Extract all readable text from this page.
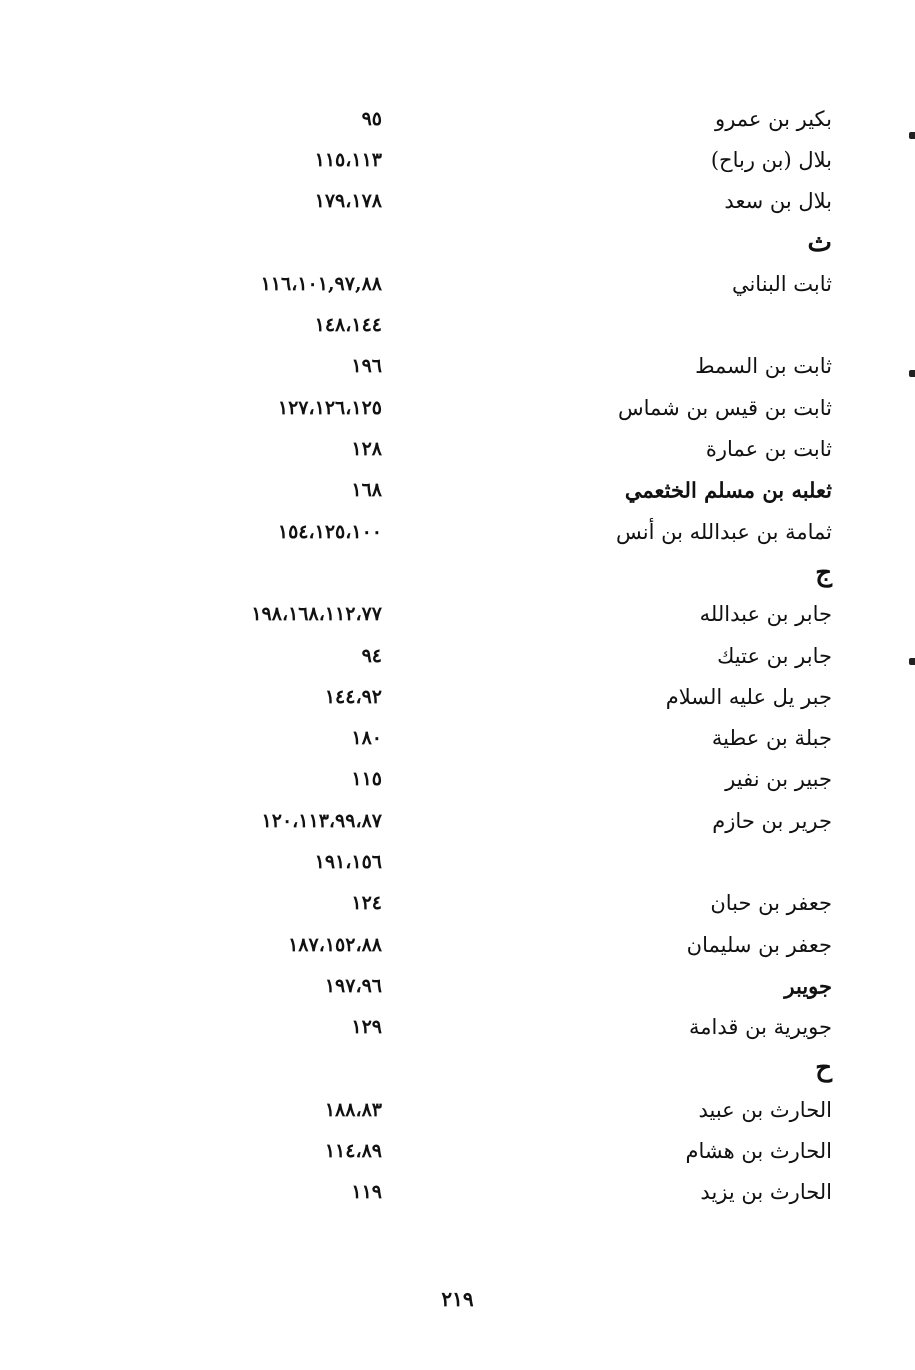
بكير بن عمرو
٩٥
بلال (بن رباح)
١١٥،١١٣
بلال بن سعد
١٧٩،١٧٨
ث
ثابت البناني
١١٦،١٠١,٩٧,٨٨
١٤٨،١٤٤
ثابت بن السمط
١٩٦
ثابت بن قيس بن شماس
١٢٧،١٢٦،١٢٥
ثابت بن عمارة
١٢٨
ثعلبه بن مسلم الخثعمي
١٦٨
ثمامة بن عبدالله بن أنس
١٥٤،١٢٥،١٠٠
ج
جابر بن عبدالله
١٩٨،١٦٨،١١٢،٧٧
جابر بن عتيك
٩٤
جبر يل عليه السلام
١٤٤،٩٢
جبلة بن عطية
١٨٠
جبير بن نفير
١١٥
جرير بن حازم
١٢٠،١١٣،٩٩،٨٧
١٩١،١٥٦
جعفر بن حبان
١٢٤
جعفر بن سليمان
١٨٧،١٥٢،٨٨
جويبر
١٩٧،٩٦
جويرية بن قدامة
١٢٩
ح
الحارث بن عبيد
١٨٨،٨٣
الحارث بن هشام
١١٤،٨٩
الحارث بن يزيد
١١٩
٢١٩
